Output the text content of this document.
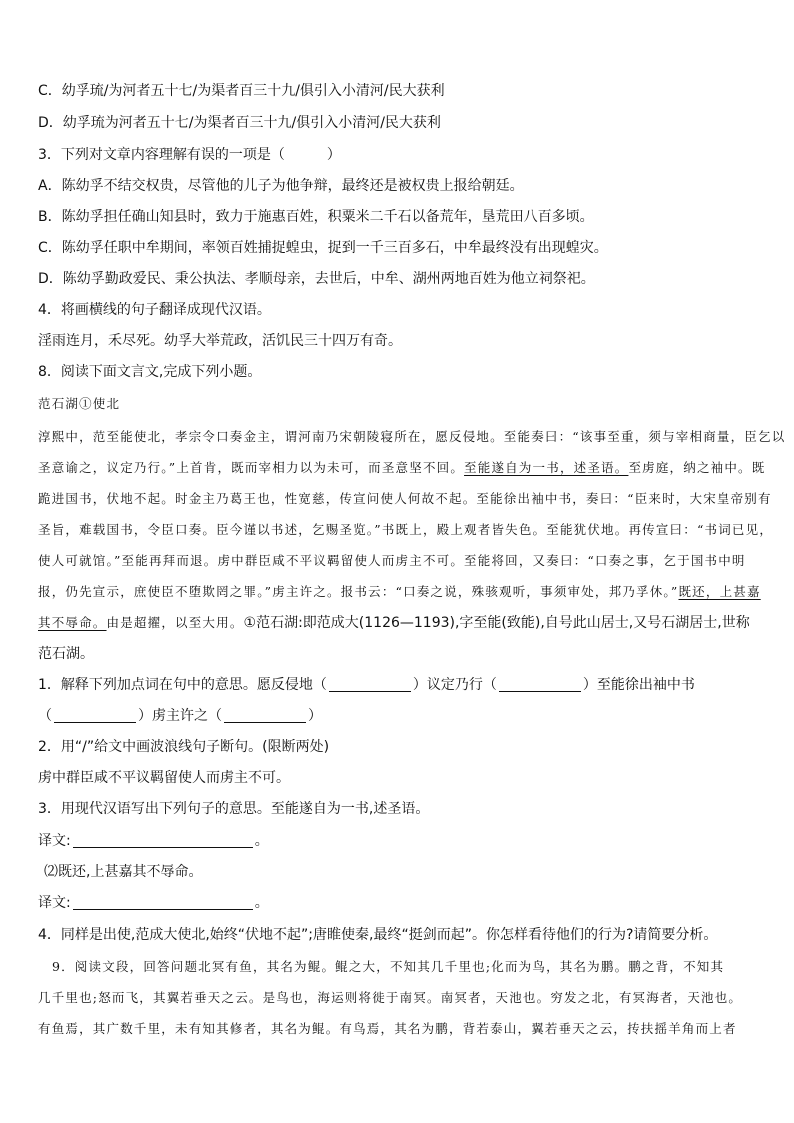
C．幼孚琉/为河者五十七/为渠者百三十九/俱引入小清河/民大获利
D．幼孚琉为河者五十七/为渠者百三十九/俱引入小清河/民大获利
3．下列对文章内容理解有误的一项是（　　　）
A．陈幼孚不结交权贵，尽管他的儿子为他争辩，最终还是被权贵上报给朝廷。
B．陈幼孚担任确山知县时，致力于施惠百姓，积粟米二千石以备荒年，垦荒田八百多顷。
C．陈幼孚任职中牟期间，率领百姓捕捉蝗虫，捉到一千三百多石，中牟最终没有出现蝗灾。
D．陈幼孚勤政爱民、秉公执法、孝顺母亲，去世后，中牟、湖州两地百姓为他立祠祭祀。
4．将画横线的句子翻译成现代汉语。
淫雨连月，禾尽死。幼孚大举荒政，活饥民三十四万有奇。
8．阅读下面文言文,完成下列小题。
范石湖①使北
淳熙中，范至能使北，孝宗令口奏金主，谓河南乃宋朝陵寝所在，愿反侵地。至能奏曰：“该事至重，须与宰相商量，臣乞以
圣意谕之，议定乃行。”上首肯，既而宰相力以为未可，而圣意坚不回。至能遂自为一书，述圣语。至虏庭，纳之袖中。既
跪进国书，伏地不起。时金主乃葛王也，性宽慈，传宣问使人何故不起。至能徐出袖中书，奏曰：“臣来时，大宋皇帝别有
圣旨，难载国书，令臣口奏。臣今谨以书述，乞赐圣览。”书既上，殿上观者皆失色。至能犹伏地。再传宣曰：“书词已见，
使人可就馆。”至能再拜而退。虏中群臣咸不平议羁留使人而虏主不可。至能将回，又奏曰：“口奏之事，乞于国书中明
报，仍先宣示，庶使臣不堕欺罔之罪。”虏主许之。报书云：“口奏之说，殊骇观听，事须审处，邦乃孚休。”既还，上甚嘉
其不辱命。由是超擢，以至大用。①范石湖:即范成大(1126—1193),字至能(致能),自号此山居士,又号石湖居士,世称
范石湖。
1．解释下列加点词在句中的意思。愿反侵地（	）议定乃行（	）至能徐出袖中书
（	）虏主许之（	）
2．用“/”给文中画波浪线句子断句。(限断两处)
虏中群臣咸不平议羁留使人而虏主不可。
3．用现代汉语写出下列句子的意思。至能遂自为一书,述圣语。
译文:	。
⑵既还,上甚嘉其不辱命。
译文:	。
4．同样是出使,范成大使北,始终“伏地不起”;唐睢使秦,最终“挺剑而起”。你怎样看待他们的行为?请简要分析。
9．阅读文段，回答问题北冥有鱼，其名为鲲。鲲之大，不知其几千里也;化而为鸟，其名为鹏。鹏之背，不知其
几千里也;怒而飞，其翼若垂天之云。是鸟也，海运则将徙于南冥。南冥者，天池也。穷发之北，有冥海者，天池也。
有鱼焉，其广数千里，未有知其修者，其名为鲲。有鸟焉，其名为鹏，背若泰山，翼若垂天之云，抟扶摇羊角而上者
